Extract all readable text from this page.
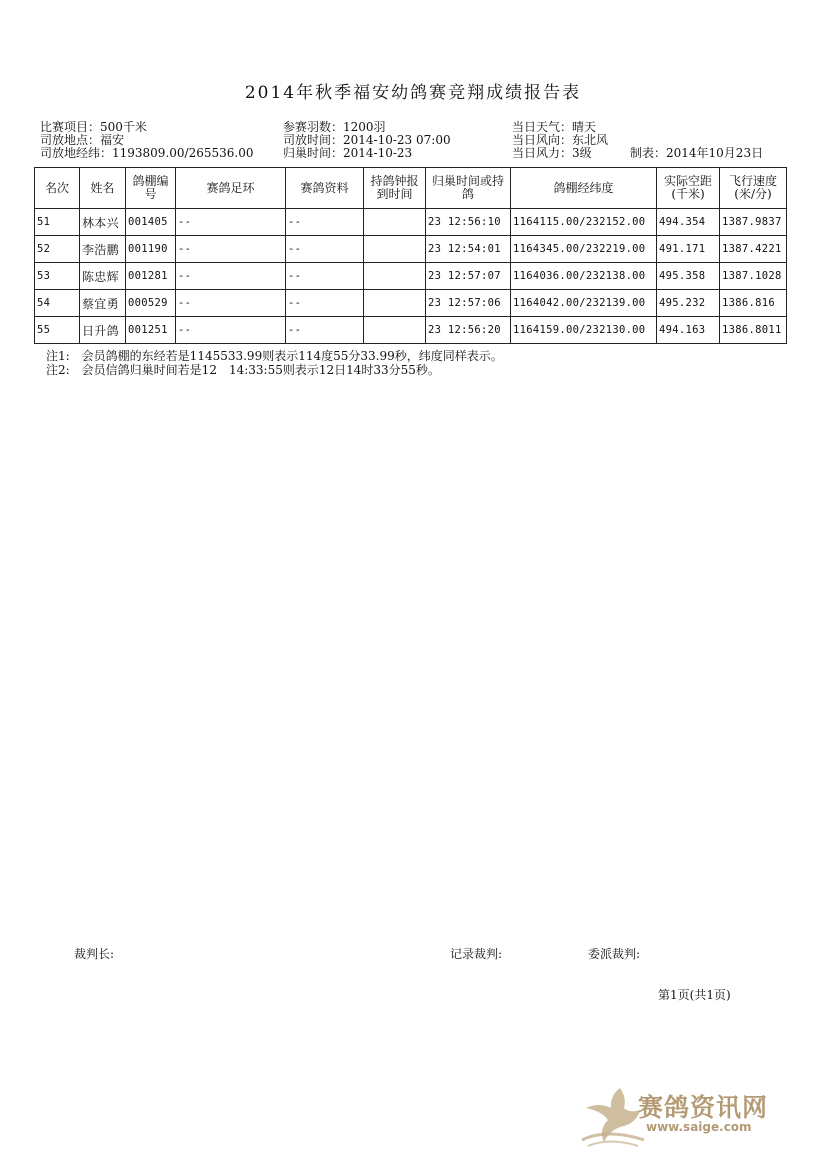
2014年秋季福安幼鸽赛竞翔成绩报告表
比赛项目：500千米
司放地点：福安
司放地经纬：1193809.00/265536.00
参赛羽数：1200羽
司放时间：2014-10-23 07:00
归巢时间：2014-10-23
当日天气：晴天
当日风向：东北风
当日风力：3级	制表：2014年10月23日
名次	姓名	鸽棚编号	赛鸽足环	赛鸽资料	持鸽钟报到时间	归巢时间或持鸽	鸽棚经纬度	实际空距(千米)	飞行速度(米/分)
51	林本兴	001405	--	--		23 12:56:10	1164115.00/232152.00	494.354	1387.9837
52	李浩鹏	001190	--	--		23 12:54:01	1164345.00/232219.00	491.171	1387.4221
53	陈忠辉	001281	--	--		23 12:57:07	1164036.00/232138.00	495.358	1387.1028
54	蔡宜勇	000529	--	--		23 12:57:06	1164042.00/232139.00	495.232	1386.816
55	日升鸽	001251	--	--		23 12:56:20	1164159.00/232130.00	494.163	1386.8011
注1:　会员鸽棚的东经若是1145533.99则表示114度55分33.99秒，纬度同样表示。
注2:　会员信鸽归巢时间若是12　14:33:55则表示12日14时33分55秒。
裁判长:	记录裁判:	委派裁判:
第1页(共1页)
赛鸽资讯网
www.saige.com
